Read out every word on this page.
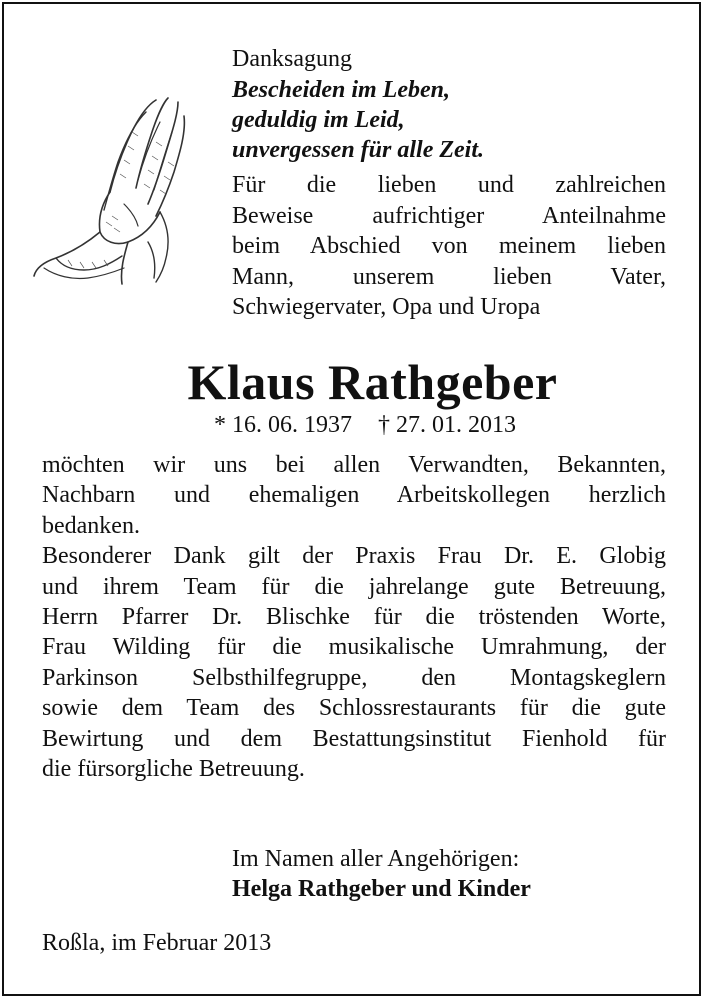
Danksagung

Bescheiden im Leben,
geduldig im Leid,
unvergessen für alle Zeit.
Für die lieben und zahlreichen
Beweise aufrichtiger Anteilnahme
beim Abschied von meinem lieben
Mann, unserem lieben Vater,
Schwiegervater, Opa und Uropa
Klaus Rathgeber
* 16. 06. 1937 † 27. 01. 2013
möchten wir uns bei allen Verwandten, Bekannten,
Nachbarn und ehemaligen Arbeitskollegen herzlich
bedanken.
Besonderer Dank gilt der Praxis Frau Dr. E. Globig
und ihrem Team für die jahrelange gute Betreuung,
Herrn Pfarrer Dr. Blischke für die tröstenden Worte,
Frau Wilding für die musikalische Umrahmung, der
Parkinson Selbsthilfegruppe, den Montagskeglern
sowie dem Team des Schlossrestaurants für die gute
Bewirtung und dem Bestattungsinstitut Fienhold für
die fürsorgliche Betreuung.
Im Namen aller Angehörigen:
Helga Rathgeber und Kinder
Roßla, im Februar 2013
